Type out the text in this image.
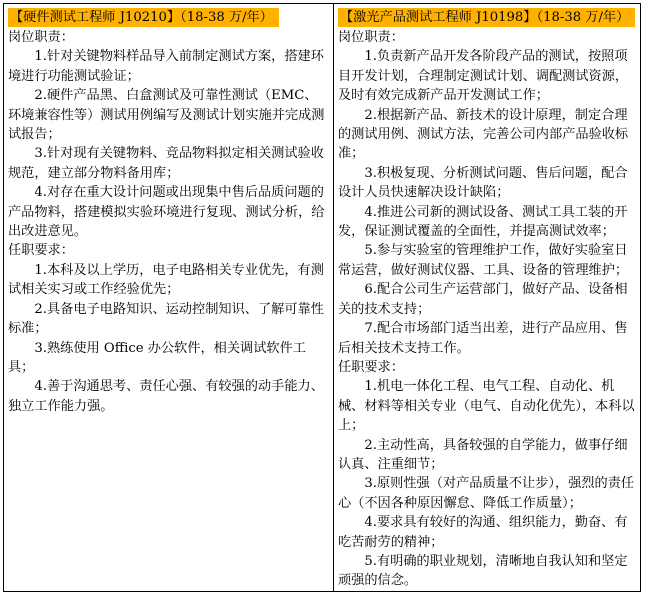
【硬件测试工程师 J10210】（18-38 万/年）
岗位职责：
1.针对关键物料样品导入前制定测试方案，搭建环境进行功能测试验证；
2.硬件产品黑、白盒测试及可靠性测试（EMC、环境兼容性等）测试用例编写及测试计划实施并完成测试报告；
3.针对现有关键物料、竞品物料拟定相关测试验收规范，建立部分物料备用库；
4.对存在重大设计问题或出现集中售后品质问题的产品物料，搭建模拟实验环境进行复现、测试分析，给出改进意见。
任职要求：
1.本科及以上学历，电子电路相关专业优先，有测试相关实习或工作经验优先；
2.具备电子电路知识、运动控制知识、了解可靠性标准；
3.熟练使用 Office 办公软件，相关调试软件工具；
4.善于沟通思考、责任心强、有较强的动手能力、独立工作能力强。
	【激光产品测试工程师 J10198】（18-38 万/年）
岗位职责：
1.负责新产品开发各阶段产品的测试，按照项目开发计划，合理制定测试计划、调配测试资源，及时有效完成新产品开发测试工作；
2.根据新产品、新技术的设计原理，制定合理的测试用例、测试方法，完善公司内部产品验收标准；
3.积极复现、分析测试问题、售后问题，配合设计人员快速解决设计缺陷；
4.推进公司新的测试设备、测试工具工装的开发，保证测试覆盖的全面性，并提高测试效率；
5.参与实验室的管理维护工作，做好实验室日常运营，做好测试仪器、工具、设备的管理维护；
6.配合公司生产运营部门，做好产品、设备相关的技术支持；
7.配合市场部门适当出差，进行产品应用、售后相关技术支持工作。
任职要求：
1.机电一体化工程、电气工程、自动化、机械、材料等相关专业（电气、自动化优先），本科以上；
2.主动性高，具备较强的自学能力，做事仔细认真、注重细节；
3.原则性强（对产品质量不让步），强烈的责任心（不因各种原因懈怠、降低工作质量）；
4.要求具有较好的沟通、组织能力，勤奋、有吃苦耐劳的精神；
5.有明确的职业规划，清晰地自我认知和坚定顽强的信念。
